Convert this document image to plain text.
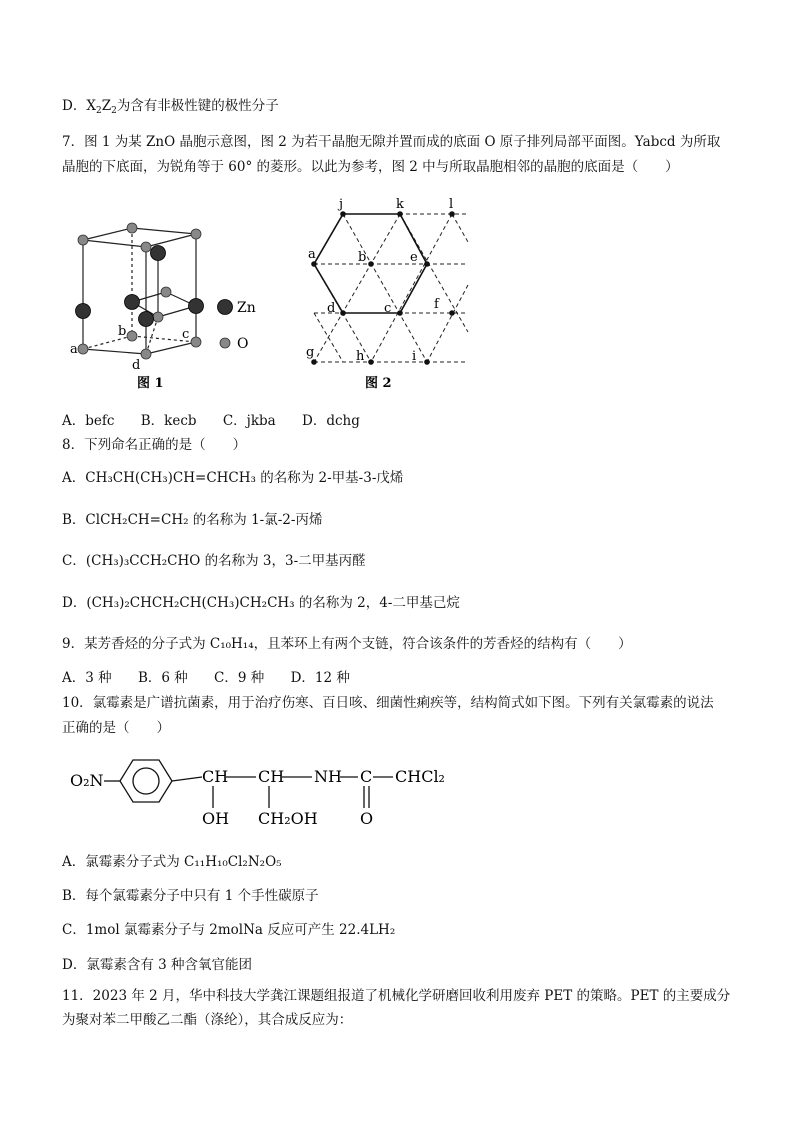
D．$X_2Z_2$为含有非极性键的极性分子
7．图 1 为某 ZnO 晶胞示意图，图 2 为若干晶胞无隙并置而成的底面 O 原子排列局部平面图。Yabcd 为所取
晶胞的下底面，为锐角等于 60° 的菱形。以此为参考，图 2 中与所取晶胞相邻的晶胞的底面是（　　）
a
b	c
d
Zn
O
图 1
j	k	l
a	b	e
d	c	f
g	h	i
图 2
A．befc B．kecb C．jkba D．dchg
8．下列命名正确的是（　　）
A．CH₃CH(CH₃)CH=CHCH₃ 的名称为 2-甲基-3-戊烯
B．ClCH₂CH=CH₂ 的名称为 1-氯-2-丙烯
C．(CH₃)₃CCH₂CHO 的名称为 3，3-二甲基丙醛
D．(CH₃)₂CHCH₂CH(CH₃)CH₂CH₃ 的名称为 2，4-二甲基己烷
9．某芳香烃的分子式为 C₁₀H₁₄，且苯环上有两个支链，符合该条件的芳香烃的结构有（　　）
A．3 种 B．6 种 C．9 种 D．12 种
10．氯霉素是广谱抗菌素，用于治疗伤寒、百日咳、细菌性痢疾等，结构简式如下图。下列有关氯霉素的说法
正确的是（　　）
O₂N	CH CH NH C CHCl₂
OH CH₂OH	O
A．氯霉素分子式为 C₁₁H₁₀Cl₂N₂O₅
B．每个氯霉素分子中只有 1 个手性碳原子
C．1mol 氯霉素分子与 2molNa 反应可产生 22.4LH₂
D．氯霉素含有 3 种含氧官能团
11．2023 年 2 月，华中科技大学龚江课题组报道了机械化学研磨回收利用废弃 PET 的策略。PET 的主要成分
为聚对苯二甲酸乙二酯（涤纶），其合成反应为：
